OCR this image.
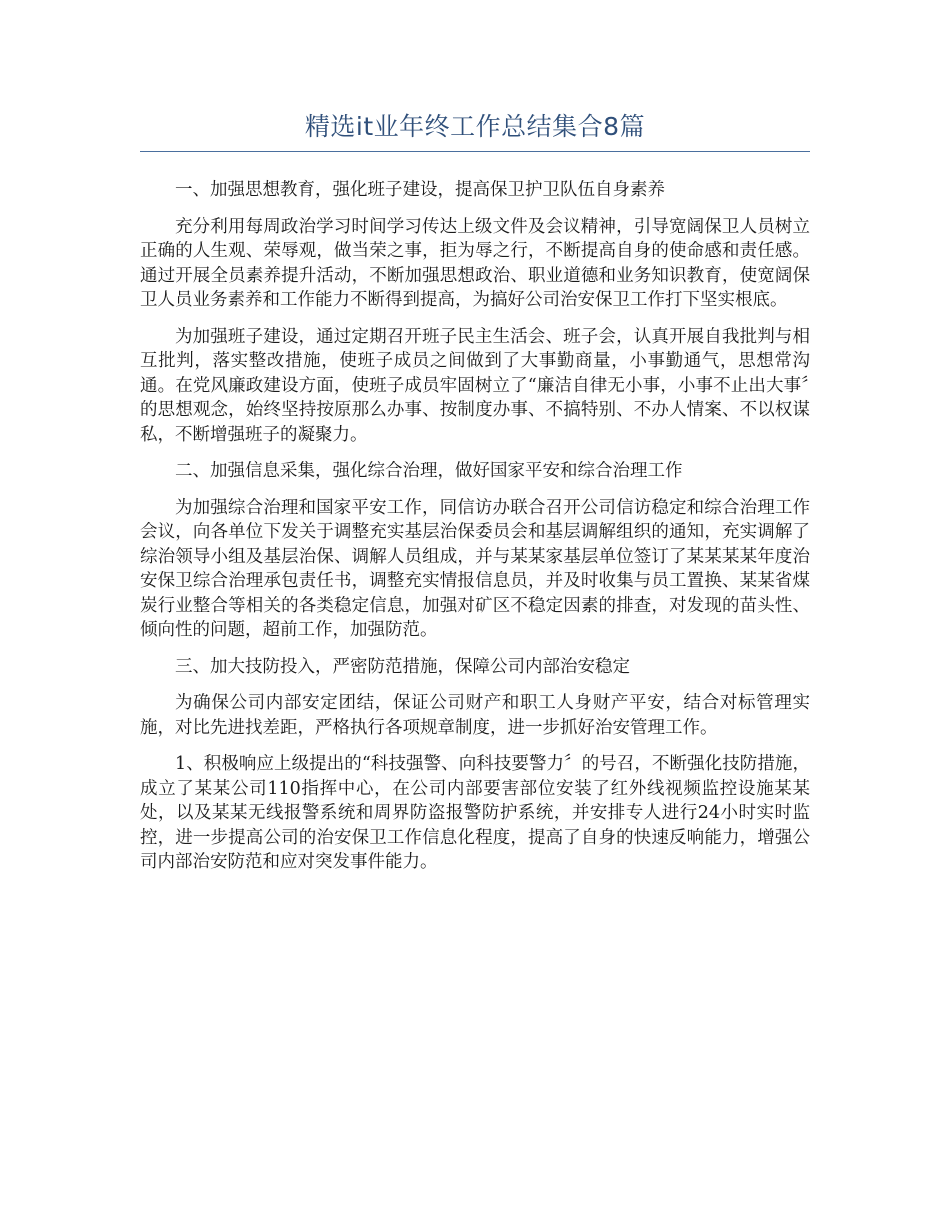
精选it业年终工作总结集合8篇

一、加强思想教育，强化班子建设，提高保卫护卫队伍自身素养

充分利用每周政治学习时间学习传达上级文件及会议精神，引导宽阔保卫人员树立正确的人生观、荣辱观，做当荣之事，拒为辱之行，不断提高自身的使命感和责任感。通过开展全员素养提升活动，不断加强思想政治、职业道德和业务知识教育，使宽阔保卫人员业务素养和工作能力不断得到提高，为搞好公司治安保卫工作打下坚实根底。

为加强班子建设，通过定期召开班子民主生活会、班子会，认真开展自我批判与相互批判，落实整改措施，使班子成员之间做到了大事勤商量，小事勤通气，思想常沟通。在党风廉政建设方面，使班子成员牢固树立了“廉洁自律无小事，小事不止出大事〞的思想观念，始终坚持按原那么办事、按制度办事、不搞特别、不办人情案、不以权谋私，不断增强班子的凝聚力。

二、加强信息采集，强化综合治理，做好国家平安和综合治理工作

为加强综合治理和国家平安工作，同信访办联合召开公司信访稳定和综合治理工作会议，向各单位下发关于调整充实基层治保委员会和基层调解组织的通知，充实调解了综治领导小组及基层治保、调解人员组成，并与某某家基层单位签订了某某某某年度治安保卫综合治理承包责任书，调整充实情报信息员，并及时收集与员工置换、某某省煤炭行业整合等相关的各类稳定信息，加强对矿区不稳定因素的排查，对发现的苗头性、倾向性的问题，超前工作，加强防范。

三、加大技防投入，严密防范措施，保障公司内部治安稳定

为确保公司内部安定团结，保证公司财产和职工人身财产平安，结合对标管理实施，对比先进找差距，严格执行各项规章制度，进一步抓好治安管理工作。

1、积极响应上级提出的“科技强警、向科技要警力〞的号召，不断强化技防措施，成立了某某公司110指挥中心，在公司内部要害部位安装了红外线视频监控设施某某处，以及某某无线报警系统和周界防盗报警防护系统，并安排专人进行24小时实时监控，进一步提高公司的治安保卫工作信息化程度，提高了自身的快速反响能力，增强公司内部治安防范和应对突发事件能力。
